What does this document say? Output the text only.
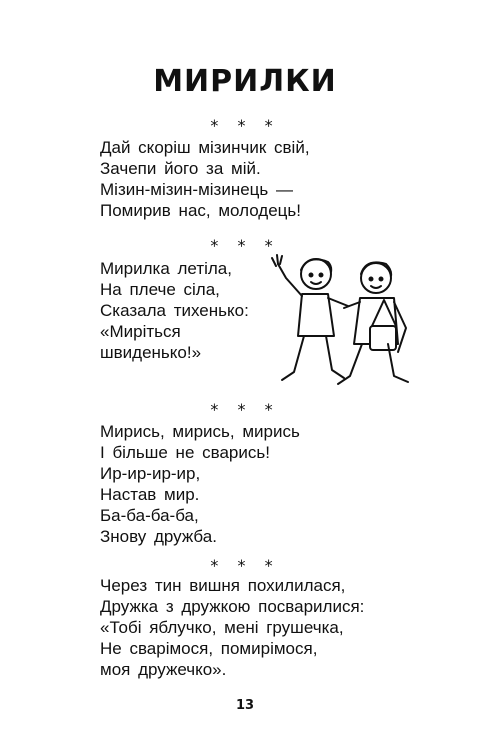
МИРИЛКИ
* * *
Дай скоріш мізинчик свій,
Зачепи його за мій.
Мізин-мізин-мізинець —
Помирив нас, молодець!
* * *
Мирилка летіла,
На плече сіла,
Сказала тихенько:
«Миріться
швиденько!»
* * *
Мирись, мирись, мирись
І більше не сварись!
Ир-ир-ир-ир,
Настав мир.
Ба-ба-ба-ба,
Знову дружба.
* * *
Через тин вишня похилилася,
Дружка з дружкою посварилися:
«Тобі яблучко, мені грушечка,
Не сварімося, помирімося,
моя дружечко».
13
